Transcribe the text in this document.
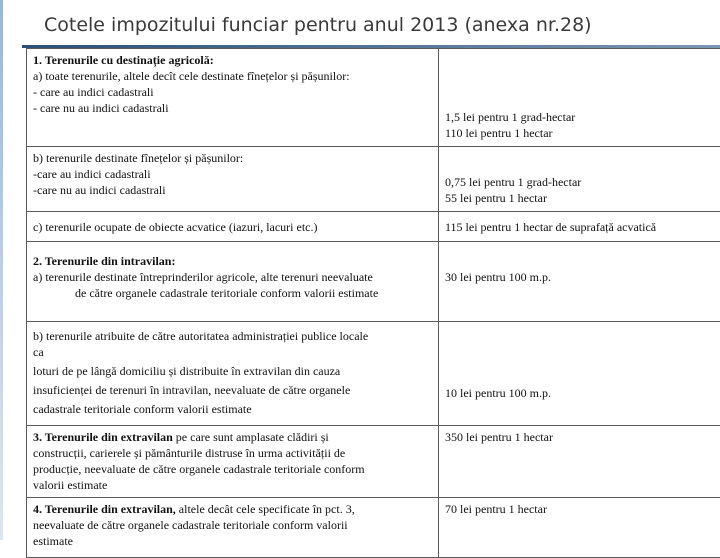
Cotele impozitului funciar pentru anul 2013 (anexa nr.28)
1. Terenurile cu destinație agricolă:
a) toate terenurile, altele decît cele destinate fînețelor și pășunilor:
- care au indici cadastrali
- care nu au indici cadastrali	1,5 lei pentru 1 grad-hectar
110 lei pentru 1 hectar

b) terenurile destinate fînețelor și pășunilor:
-care au indici cadastrali
-care nu au indici cadastrali	0,75 lei pentru 1 grad-hectar
55 lei pentru 1 hectar

c) terenurile ocupate de obiecte acvatice (iazuri, lacuri etc.)	115 lei pentru 1 hectar de suprafață acvatică

2. Terenurile din intravilan:
a) terenurile destinate întreprinderilor agricole, alte terenuri neevaluate
de către organele cadastrale teritoriale conform valorii estimate	30 lei pentru 100 m.p.

b) terenurile atribuite de către autoritatea administrației publice locale
ca
loturi de pe lângă domiciliu și distribuite în extravilan din cauza
insuficienței de terenuri în intravilan, neevaluate de către organele
cadastrale teritoriale conform valorii estimate	10 lei pentru 100 m.p.

3. Terenurile din extravilan pe care sunt amplasate clădiri și
construcții, carierele și pământurile distruse în urma activității de
producție, neevaluate de către organele cadastrale teritoriale conform
valorii estimate	350 lei pentru 1 hectar

4. Terenurile din extravilan, altele decât cele specificate în pct. 3,
neevaluate de către organele cadastrale teritoriale conform valorii
estimate	70 lei pentru 1 hectar
